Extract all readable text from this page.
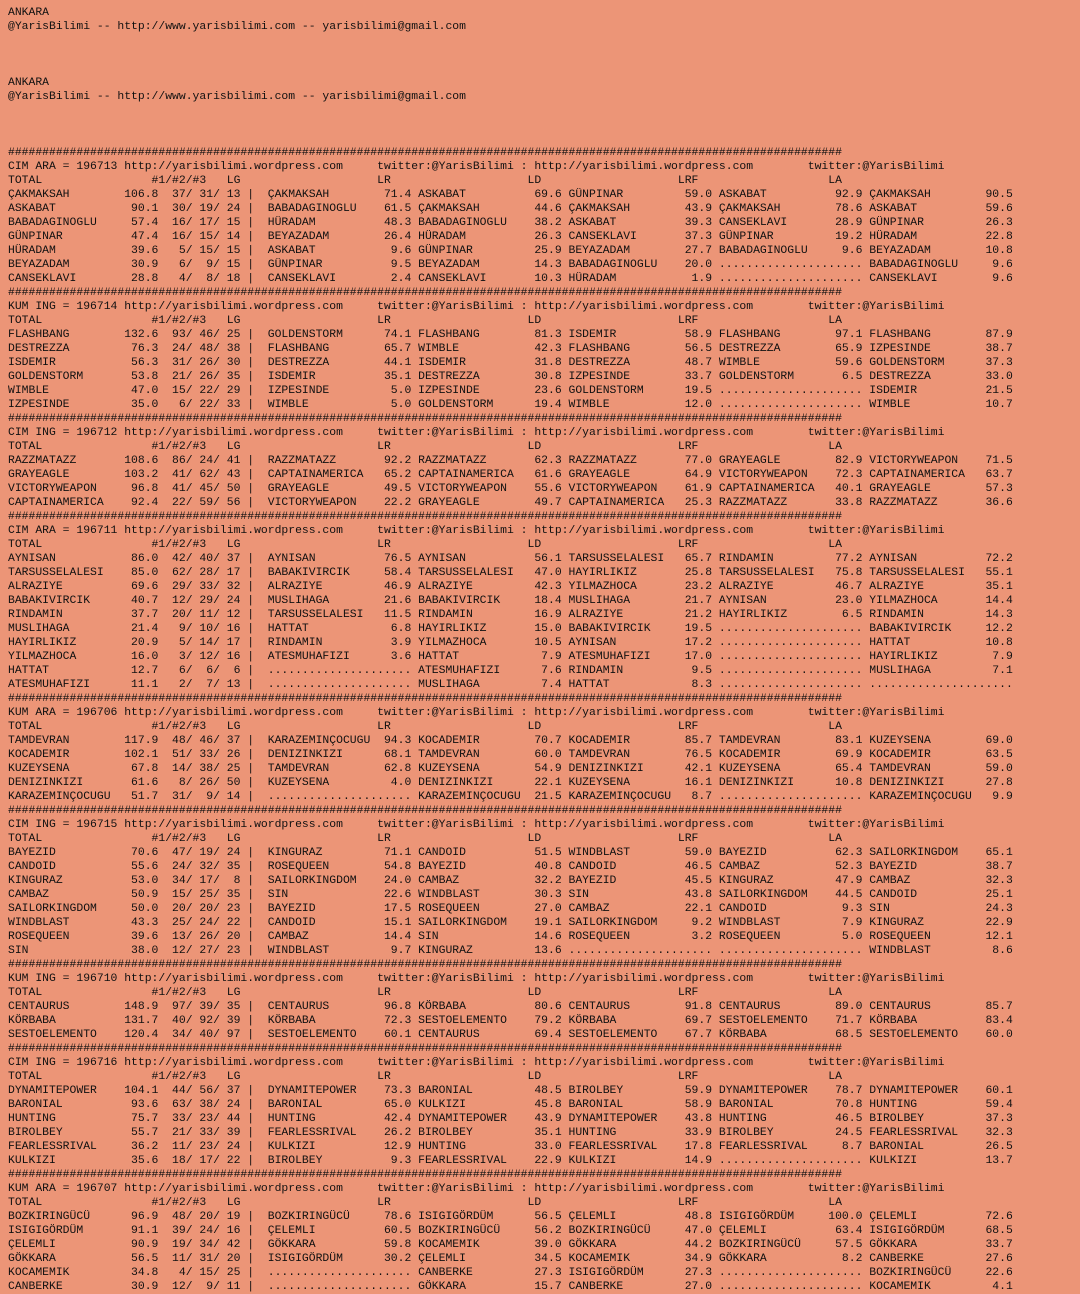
ANKARA
@YarisBilimi -- http://www.yarisbilimi.com -- yarisbilimi@gmail.com
ANKARA
@YarisBilimi -- http://www.yarisbilimi.com -- yarisbilimi@gmail.com
##########################################################################################################################
CIM ARA = 196713 http://yarisbilimi.wordpress.com     twitter:@YarisBilimi : http://yarisbilimi.wordpress.com        twitter:@YarisBilimi
TOTAL                #1/#2/#3   LG                    LR                    LD                    LRF                   LA
ÇAKMAKSAH        106.8  37/ 31/ 13 |  ÇAKMAKSAH        71.4 ASKABAT          69.6 GÜNPINAR         59.0 ASKABAT          92.9 ÇAKMAKSAH        90.5
ASKABAT           90.1  30/ 19/ 24 |  BABADAGINOGLU    61.5 ÇAKMAKSAH        44.6 ÇAKMAKSAH        43.9 ÇAKMAKSAH        78.6 ASKABAT          59.6
BABADAGINOGLU     57.4  16/ 17/ 15 |  HÜRADAM          48.3 BABADAGINOGLU    38.2 ASKABAT          39.3 CANSEKLAVI       28.9 GÜNPINAR         26.3
GÜNPINAR          47.4  16/ 15/ 14 |  BEYAZADAM        26.4 HÜRADAM          26.3 CANSEKLAVI       37.3 GÜNPINAR         19.2 HÜRADAM          22.8
HÜRADAM           39.6   5/ 15/ 15 |  ASKABAT           9.6 GÜNPINAR         25.9 BEYAZADAM        27.7 BABADAGINOGLU     9.6 BEYAZADAM        10.8
BEYAZADAM         30.9   6/  9/ 15 |  GÜNPINAR          9.5 BEYAZADAM        14.3 BABADAGINOGLU    20.0 ..................... BABADAGINOGLU     9.6
CANSEKLAVI        28.8   4/  8/ 18 |  CANSEKLAVI        2.4 CANSEKLAVI       10.3 HÜRADAM           1.9 ..................... CANSEKLAVI        9.6
##########################################################################################################################
KUM ING = 196714 http://yarisbilimi.wordpress.com     twitter:@YarisBilimi : http://yarisbilimi.wordpress.com        twitter:@YarisBilimi
TOTAL                #1/#2/#3   LG                    LR                    LD                    LRF                   LA
FLASHBANG        132.6  93/ 46/ 25 |  GOLDENSTORM      74.1 FLASHBANG        81.3 ISDEMIR          58.9 FLASHBANG        97.1 FLASHBANG        87.9
DESTREZZA         76.3  24/ 48/ 38 |  FLASHBANG        65.7 WIMBLE           42.3 FLASHBANG        56.5 DESTREZZA        65.9 IZPESINDE        38.7
ISDEMIR           56.3  31/ 26/ 30 |  DESTREZZA        44.1 ISDEMIR          31.8 DESTREZZA        48.7 WIMBLE           59.6 GOLDENSTORM      37.3
GOLDENSTORM       53.8  21/ 26/ 35 |  ISDEMIR          35.1 DESTREZZA        30.8 IZPESINDE        33.7 GOLDENSTORM       6.5 DESTREZZA        33.0
WIMBLE            47.0  15/ 22/ 29 |  IZPESINDE         5.0 IZPESINDE        23.6 GOLDENSTORM      19.5 ..................... ISDEMIR          21.5
IZPESINDE         35.0   6/ 22/ 33 |  WIMBLE            5.0 GOLDENSTORM      19.4 WIMBLE           12.0 ..................... WIMBLE           10.7
##########################################################################################################################
CIM ING = 196712 http://yarisbilimi.wordpress.com     twitter:@YarisBilimi : http://yarisbilimi.wordpress.com        twitter:@YarisBilimi
TOTAL                #1/#2/#3   LG                    LR                    LD                    LRF                   LA
RAZZMATAZZ       108.6  86/ 24/ 41 |  RAZZMATAZZ       92.2 RAZZMATAZZ       62.3 RAZZMATAZZ       77.0 GRAYEAGLE        82.9 VICTORYWEAPON    71.5
GRAYEAGLE        103.2  41/ 62/ 43 |  CAPTAINAMERICA   65.2 CAPTAINAMERICA   61.6 GRAYEAGLE        64.9 VICTORYWEAPON    72.3 CAPTAINAMERICA   63.7
VICTORYWEAPON     96.8  41/ 45/ 50 |  GRAYEAGLE        49.5 VICTORYWEAPON    55.6 VICTORYWEAPON    61.9 CAPTAINAMERICA   40.1 GRAYEAGLE        57.3
CAPTAINAMERICA    92.4  22/ 59/ 56 |  VICTORYWEAPON    22.2 GRAYEAGLE        49.7 CAPTAINAMERICA   25.3 RAZZMATAZZ       33.8 RAZZMATAZZ       36.6
##########################################################################################################################
CIM ARA = 196711 http://yarisbilimi.wordpress.com     twitter:@YarisBilimi : http://yarisbilimi.wordpress.com        twitter:@YarisBilimi
TOTAL                #1/#2/#3   LG                    LR                    LD                    LRF                   LA
AYNISAN           86.0  42/ 40/ 37 |  AYNISAN          76.5 AYNISAN          56.1 TARSUSSELALESI   65.7 RINDAMIN         77.2 AYNISAN          72.2
TARSUSSELALESI    85.0  62/ 28/ 17 |  BABAKIVIRCIK     58.4 TARSUSSELALESI   47.0 HAYIRLIKIZ       25.8 TARSUSSELALESI   75.8 TARSUSSELALESI   55.1
ALRAZIYE          69.6  29/ 33/ 32 |  ALRAZIYE         46.9 ALRAZIYE         42.3 YILMAZHOCA       23.2 ALRAZIYE         46.7 ALRAZIYE         35.1
BABAKIVIRCIK      40.7  12/ 29/ 24 |  MUSLIHAGA        21.6 BABAKIVIRCIK     18.4 MUSLIHAGA        21.7 AYNISAN          23.0 YILMAZHOCA       14.4
RINDAMIN          37.7  20/ 11/ 12 |  TARSUSSELALESI   11.5 RINDAMIN         16.9 ALRAZIYE         21.2 HAYIRLIKIZ        6.5 RINDAMIN         14.3
MUSLIHAGA         21.4   9/ 10/ 16 |  HATTAT            6.8 HAYIRLIKIZ       15.0 BABAKIVIRCIK     19.5 ..................... BABAKIVIRCIK     12.2
HAYIRLIKIZ        20.9   5/ 14/ 17 |  RINDAMIN          3.9 YILMAZHOCA       10.5 AYNISAN          17.2 ..................... HATTAT           10.8
YILMAZHOCA        16.0   3/ 12/ 16 |  ATESMUHAFIZI      3.6 HATTAT            7.9 ATESMUHAFIZI     17.0 ..................... HAYIRLIKIZ        7.9
HATTAT            12.7   6/  6/  6 |  ..................... ATESMUHAFIZI      7.6 RINDAMIN          9.5 ..................... MUSLIHAGA         7.1
ATESMUHAFIZI      11.1   2/  7/ 13 |  ..................... MUSLIHAGA         7.4 HATTAT            8.3 ..................... .....................
##########################################################################################################################
KUM ARA = 196706 http://yarisbilimi.wordpress.com     twitter:@YarisBilimi : http://yarisbilimi.wordpress.com        twitter:@YarisBilimi
TOTAL                #1/#2/#3   LG                    LR                    LD                    LRF                   LA
TAMDEVRAN        117.9  48/ 46/ 37 |  KARAZEMINÇOCUGU  94.3 KOCADEMIR        70.7 KOCADEMIR        85.7 TAMDEVRAN        83.1 KUZEYSENA        69.0
KOCADEMIR        102.1  51/ 33/ 26 |  DENIZINKIZI      68.1 TAMDEVRAN        60.0 TAMDEVRAN        76.5 KOCADEMIR        69.9 KOCADEMIR        63.5
KUZEYSENA         67.8  14/ 38/ 25 |  TAMDEVRAN        62.8 KUZEYSENA        54.9 DENIZINKIZI      42.1 KUZEYSENA        65.4 TAMDEVRAN        59.0
DENIZINKIZI       61.6   8/ 26/ 50 |  KUZEYSENA         4.0 DENIZINKIZI      22.1 KUZEYSENA        16.1 DENIZINKIZI      10.8 DENIZINKIZI      27.8
KARAZEMINÇOCUGU   51.7  31/  9/ 14 |  ..................... KARAZEMINÇOCUGU  21.5 KARAZEMINÇOCUGU   8.7 ..................... KARAZEMINÇOCUGU   9.9
##########################################################################################################################
CIM ING = 196715 http://yarisbilimi.wordpress.com     twitter:@YarisBilimi : http://yarisbilimi.wordpress.com        twitter:@YarisBilimi
TOTAL                #1/#2/#3   LG                    LR                    LD                    LRF                   LA
BAYEZID           70.6  47/ 19/ 24 |  KINGURAZ         71.1 CANDOID          51.5 WINDBLAST        59.0 BAYEZID          62.3 SAILORKINGDOM    65.1
CANDOID           55.6  24/ 32/ 35 |  ROSEQUEEN        54.8 BAYEZID          40.8 CANDOID          46.5 CAMBAZ           52.3 BAYEZID          38.7
KINGURAZ          53.0  34/ 17/  8 |  SAILORKINGDOM    24.0 CAMBAZ           32.2 BAYEZID          45.5 KINGURAZ         47.9 CAMBAZ           32.3
CAMBAZ            50.9  15/ 25/ 35 |  SIN              22.6 WINDBLAST        30.3 SIN              43.8 SAILORKINGDOM    44.5 CANDOID          25.1
SAILORKINGDOM     50.0  20/ 20/ 23 |  BAYEZID          17.5 ROSEQUEEN        27.0 CAMBAZ           22.1 CANDOID           9.3 SIN              24.3
WINDBLAST         43.3  25/ 24/ 22 |  CANDOID          15.1 SAILORKINGDOM    19.1 SAILORKINGDOM     9.2 WINDBLAST         7.9 KINGURAZ         22.9
ROSEQUEEN         39.6  13/ 26/ 20 |  CAMBAZ           14.4 SIN              14.6 ROSEQUEEN         3.2 ROSEQUEEN         5.0 ROSEQUEEN        12.1
SIN               38.0  12/ 27/ 23 |  WINDBLAST         9.7 KINGURAZ         13.6 ..................... ..................... WINDBLAST         8.6
##########################################################################################################################
KUM ING = 196710 http://yarisbilimi.wordpress.com     twitter:@YarisBilimi : http://yarisbilimi.wordpress.com        twitter:@YarisBilimi
TOTAL                #1/#2/#3   LG                    LR                    LD                    LRF                   LA
CENTAURUS        148.9  97/ 39/ 35 |  CENTAURUS        96.8 KÖRBABA          80.6 CENTAURUS        91.8 CENTAURUS        89.0 CENTAURUS        85.7
KÖRBABA          131.7  40/ 92/ 39 |  KÖRBABA          72.3 SESTOELEMENTO    79.2 KÖRBABA          69.7 SESTOELEMENTO    71.7 KÖRBABA          83.4
SESTOELEMENTO    120.4  34/ 40/ 97 |  SESTOELEMENTO    60.1 CENTAURUS        69.4 SESTOELEMENTO    67.7 KÖRBABA          68.5 SESTOELEMENTO    60.0
##########################################################################################################################
CIM ING = 196716 http://yarisbilimi.wordpress.com     twitter:@YarisBilimi : http://yarisbilimi.wordpress.com        twitter:@YarisBilimi
TOTAL                #1/#2/#3   LG                    LR                    LD                    LRF                   LA
DYNAMITEPOWER    104.1  44/ 56/ 37 |  DYNAMITEPOWER    73.3 BARONIAL         48.5 BIROLBEY         59.9 DYNAMITEPOWER    78.7 DYNAMITEPOWER    60.1
BARONIAL          93.6  63/ 38/ 24 |  BARONIAL         65.0 KULKIZI          45.8 BARONIAL         58.9 BARONIAL         70.8 HUNTING          59.4
HUNTING           75.7  33/ 23/ 44 |  HUNTING          42.4 DYNAMITEPOWER    43.9 DYNAMITEPOWER    43.8 HUNTING          46.5 BIROLBEY         37.3
BIROLBEY          55.7  21/ 33/ 39 |  FEARLESSRIVAL    26.2 BIROLBEY         35.1 HUNTING          33.9 BIROLBEY         24.5 FEARLESSRIVAL    32.3
FEARLESSRIVAL     36.2  11/ 23/ 24 |  KULKIZI          12.9 HUNTING          33.0 FEARLESSRIVAL    17.8 FEARLESSRIVAL     8.7 BARONIAL         26.5
KULKIZI           35.6  18/ 17/ 22 |  BIROLBEY          9.3 FEARLESSRIVAL    22.9 KULKIZI          14.9 ..................... KULKIZI          13.7
##########################################################################################################################
KUM ARA = 196707 http://yarisbilimi.wordpress.com     twitter:@YarisBilimi : http://yarisbilimi.wordpress.com        twitter:@YarisBilimi
TOTAL                #1/#2/#3   LG                    LR                    LD                    LRF                   LA
BOZKIRINGÜCÜ      96.9  48/ 20/ 19 |  BOZKIRINGÜCÜ     78.6 ISIGIGÖRDÜM      56.5 ÇELEMLI          48.8 ISIGIGÖRDÜM     100.0 ÇELEMLI          72.6
ISIGIGÖRDÜM       91.1  39/ 24/ 16 |  ÇELEMLI          60.5 BOZKIRINGÜCÜ     56.2 BOZKIRINGÜCÜ     47.0 ÇELEMLI          63.4 ISIGIGÖRDÜM      68.5
ÇELEMLI           90.9  19/ 34/ 42 |  GÖKKARA          59.8 KOCAMEMIK        39.0 GÖKKARA          44.2 BOZKIRINGÜCÜ     57.5 GÖKKARA          33.7
GÖKKARA           56.5  11/ 31/ 20 |  ISIGIGÖRDÜM      30.2 ÇELEMLI          34.5 KOCAMEMIK        34.9 GÖKKARA           8.2 CANBERKE         27.6
KOCAMEMIK         34.8   4/ 15/ 25 |  ..................... CANBERKE         27.3 ISIGIGÖRDÜM      27.3 ..................... BOZKIRINGÜCÜ     22.6
CANBERKE          30.9  12/  9/ 11 |  ..................... GÖKKARA          15.7 CANBERKE         27.0 ..................... KOCAMEMIK         4.1
